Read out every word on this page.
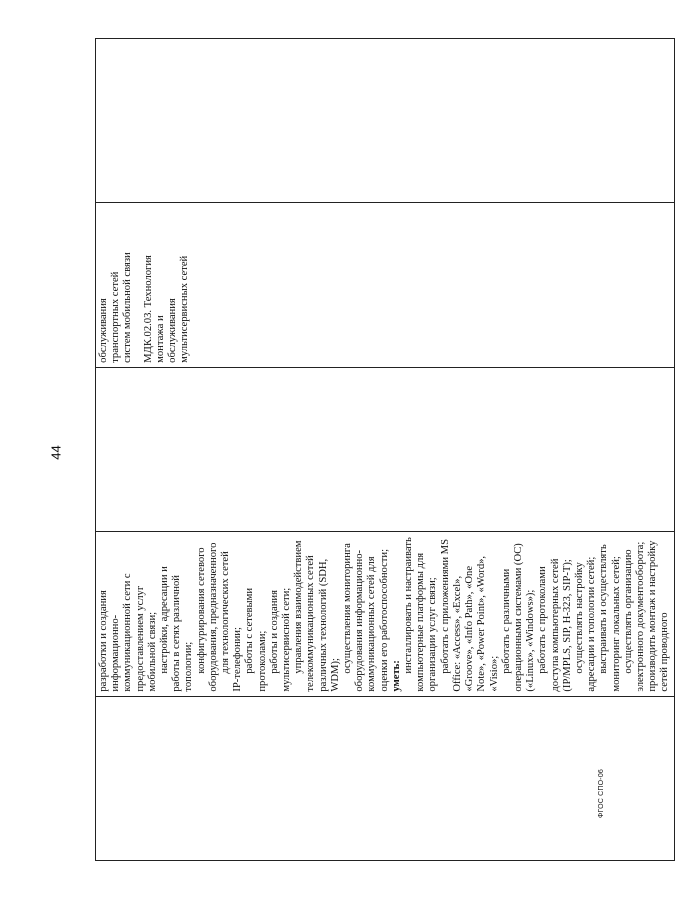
44

разработки и создания информационно-коммуникационной сети с предоставлением услуг мобильной связи; настройки, адресации и работы в сетях различной топологии; конфигурирования сетевого оборудования, предназначенного для технологических сетей IP-телефонии; работы с сетевыми протоколами; работы и создания мультисервисной сети; управления взаимодействием телекоммуникационных сетей различных технологий (SDH, WDM);
осуществления мониторинга оборудования информационно-коммуникационных сетей для оценки его работоспособности; уметь:
инсталлировать и настраивать компьютерные платформы для организации услуг связи; работать с приложениями MS Office: «Access», «Excel», «Groove», «Info Path», «One Note», «Power Point», «Word», «Visio»;
работать с различными операционными системами (ОС) («Linux», «Windows»); работать с протоколами доступа компьютерных сетей (IP/MPLS, SIP, H-323, SIP-T); осуществлять настройку адресации и топологии сетей; выстраивать и осуществлять мониторинг локальных сетей; осуществлять организацию электронного документооборота; производить монтаж и настройку сетей проводного

обслуживания транспортных сетей систем мобильной связи МДК.02.03. Технология монтажа и обслуживания мультисервисных сетей

ФГОС СПО-06
